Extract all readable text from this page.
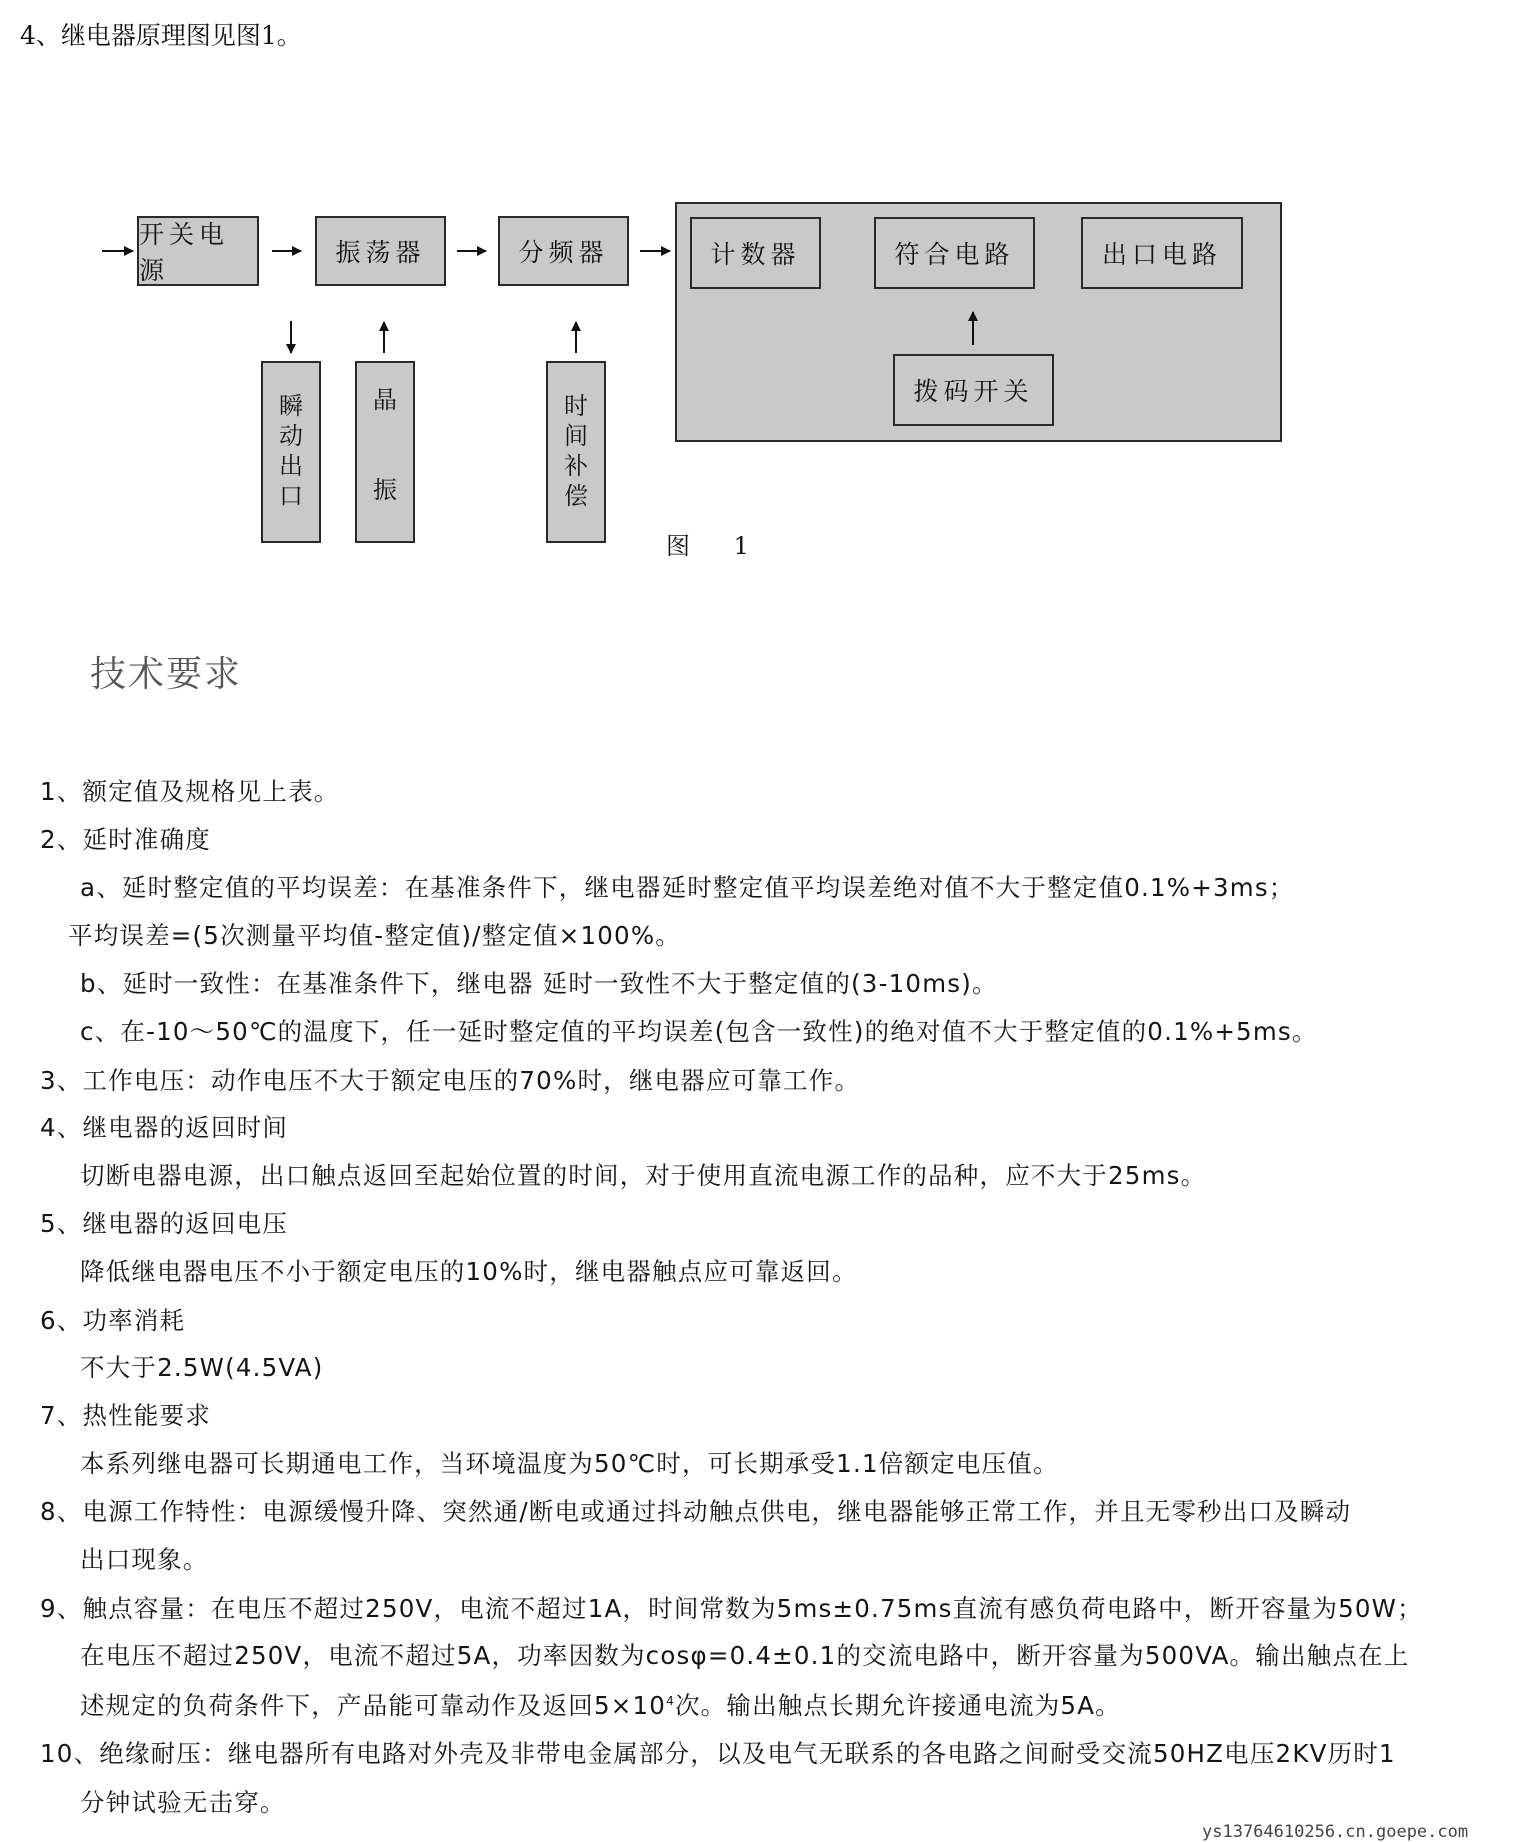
4、继电器原理图见图1。
开关电源
振荡器	分频器
瞬
动
出
口
晶
振
时
间
补
偿
计数器	符合电路	出口电路
拨码开关
图 1
技术要求
1、额定值及规格见上表。
2、延时准确度
a、延时整定值的平均误差：在基准条件下，继电器延时整定值平均误差绝对值不大于整定值0.1%+3ms；
平均误差=(5次测量平均值-整定值)/整定值×100%。
b、延时一致性：在基准条件下，继电器 延时一致性不大于整定值的(3-10ms)。
c、在-10～50℃的温度下，任一延时整定值的平均误差(包含一致性)的绝对值不大于整定值的0.1%+5ms。
3、工作电压：动作电压不大于额定电压的70%时，继电器应可靠工作。
4、继电器的返回时间
切断电器电源，出口触点返回至起始位置的时间，对于使用直流电源工作的品种，应不大于25ms。
5、继电器的返回电压
降低继电器电压不小于额定电压的10%时，继电器触点应可靠返回。
6、功率消耗
不大于2.5W(4.5VA)
7、热性能要求
本系列继电器可长期通电工作，当环境温度为50℃时，可长期承受1.1倍额定电压值。
8、电源工作特性：电源缓慢升降、突然通/断电或通过抖动触点供电，继电器能够正常工作，并且无零秒出口及瞬动
出口现象。
9、触点容量：在电压不超过250V，电流不超过1A，时间常数为5ms±0.75ms直流有感负荷电路中，断开容量为50W；
在电压不超过250V，电流不超过5A，功率因数为cosφ=0.4±0.1的交流电路中，断开容量为500VA。输出触点在上
述规定的负荷条件下，产品能可靠动作及返回$5\times 10^4$次。输出触点长期允许接通电流为5A。
10、绝缘耐压：继电器所有电路对外壳及非带电金属部分，以及电气无联系的各电路之间耐受交流50HZ电压2KV历时1
分钟试验无击穿。
ys13764610256.cn.goepe.com
